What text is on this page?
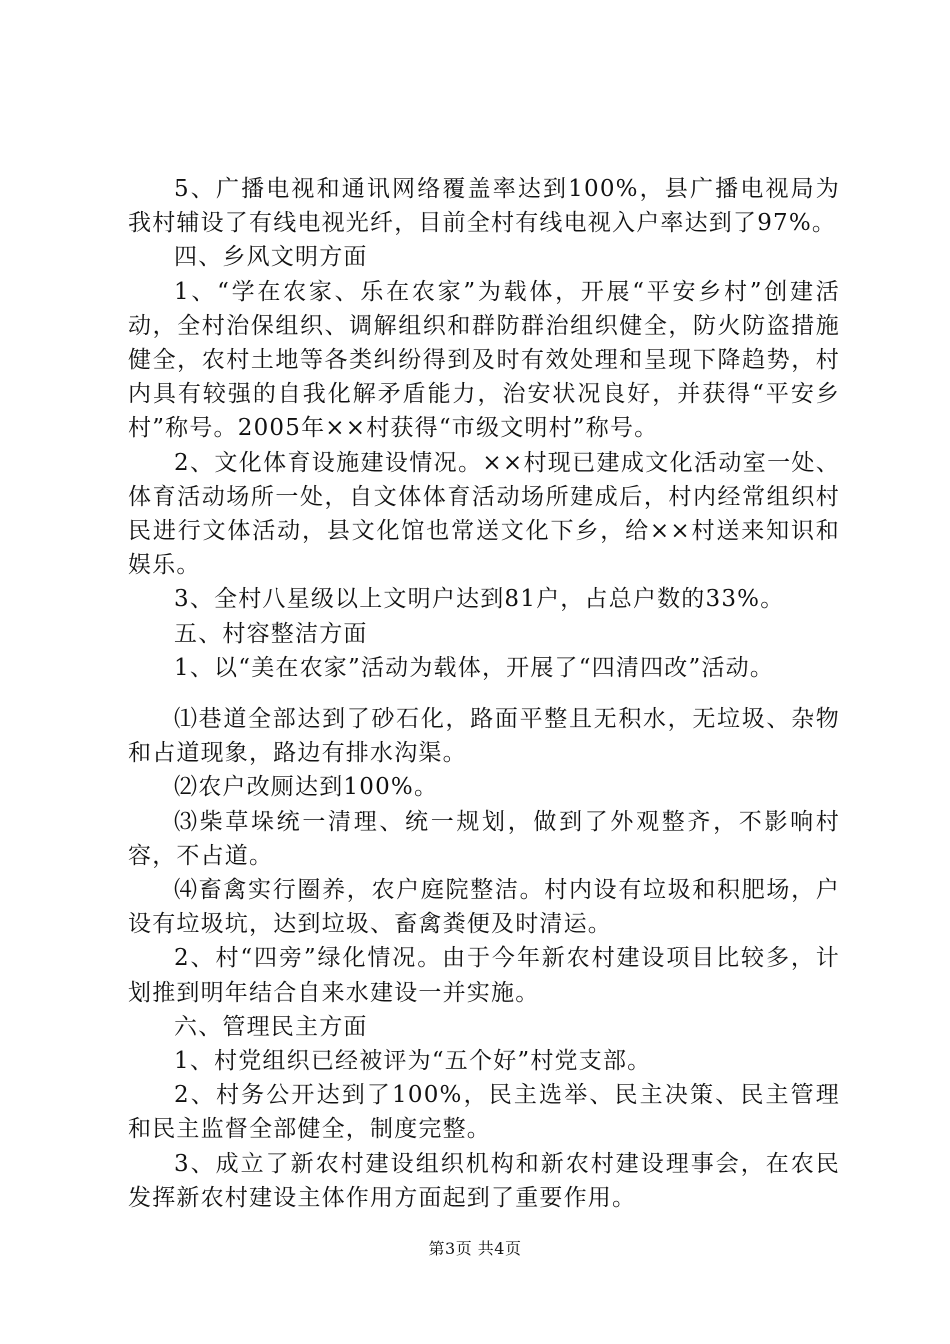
5、广播电视和通讯网络覆盖率达到100%，县广播电视局为我村辅设了有线电视光纤，目前全村有线电视入户率达到了97%。

四、乡风文明方面

1、“学在农家、乐在农家”为载体，开展“平安乡村”创建活动，全村治保组织、调解组织和群防群治组织健全，防火防盗措施健全，农村土地等各类纠纷得到及时有效处理和呈现下降趋势，村内具有较强的自我化解矛盾能力，治安状况良好，并获得“平安乡村”称号。2005年××村获得“市级文明村”称号。

2、文化体育设施建设情况。××村现已建成文化活动室一处、体育活动场所一处，自文体体育活动场所建成后，村内经常组织村民进行文体活动，县文化馆也常送文化下乡，给××村送来知识和娱乐。

3、全村八星级以上文明户达到81户，占总户数的33%。

五、村容整洁方面

1、以“美在农家”活动为载体，开展了“四清四改”活动。

⑴巷道全部达到了砂石化，路面平整且无积水，无垃圾、杂物和占道现象，路边有排水沟渠。

⑵农户改厕达到100%。

⑶柴草垛统一清理、统一规划，做到了外观整齐，不影响村容，不占道。

⑷畜禽实行圈养，农户庭院整洁。村内设有垃圾和积肥场，户设有垃圾坑，达到垃圾、畜禽粪便及时清运。

2、村“四旁”绿化情况。由于今年新农村建设项目比较多，计划推到明年结合自来水建设一并实施。

六、管理民主方面

1、村党组织已经被评为“五个好”村党支部。

2、村务公开达到了100%，民主选举、民主决策、民主管理和民主监督全部健全，制度完整。

3、成立了新农村建设组织机构和新农村建设理事会，在农民发挥新农村建设主体作用方面起到了重要作用。

第3页 共4页
